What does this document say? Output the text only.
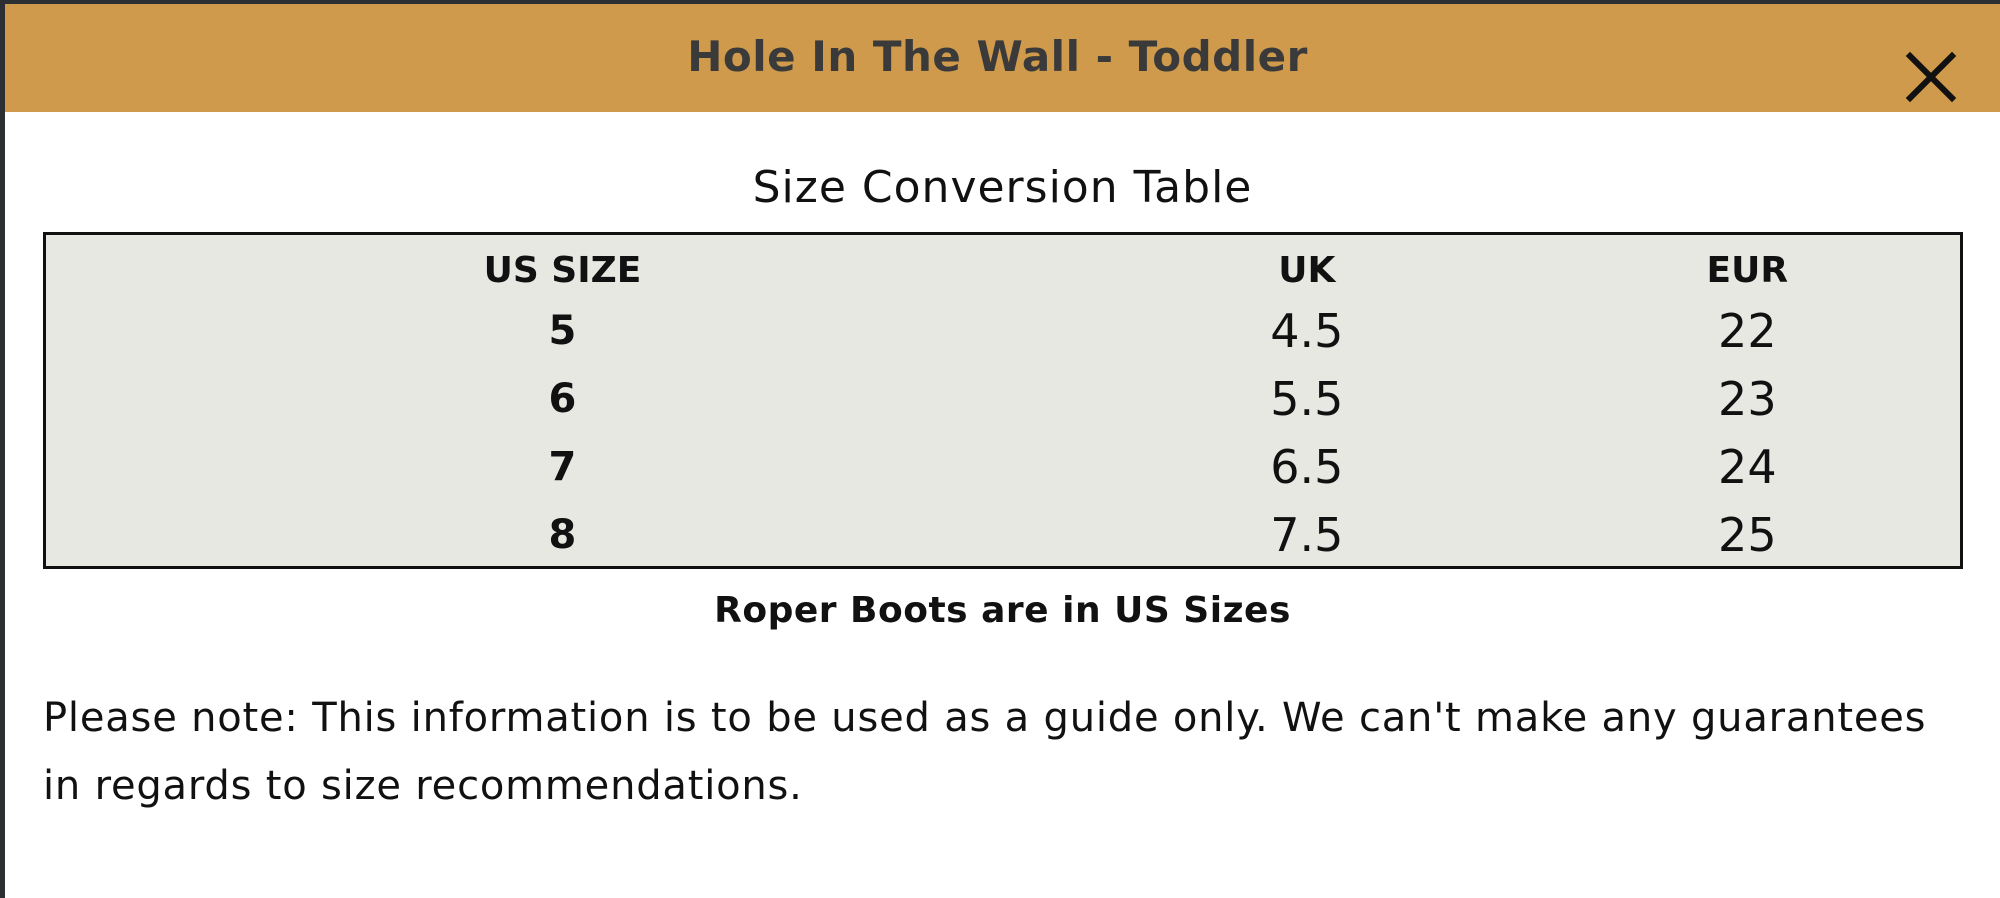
Hole In The Wall - Toddler
Size Conversion Table
US SIZE	UK	EUR
5	4.5	22
6	5.5	23
7	6.5	24
8	7.5	25
Roper Boots are in US Sizes
Please note: This information is to be used as a guide only. We can't make any guarantees in regards to size recommendations.
